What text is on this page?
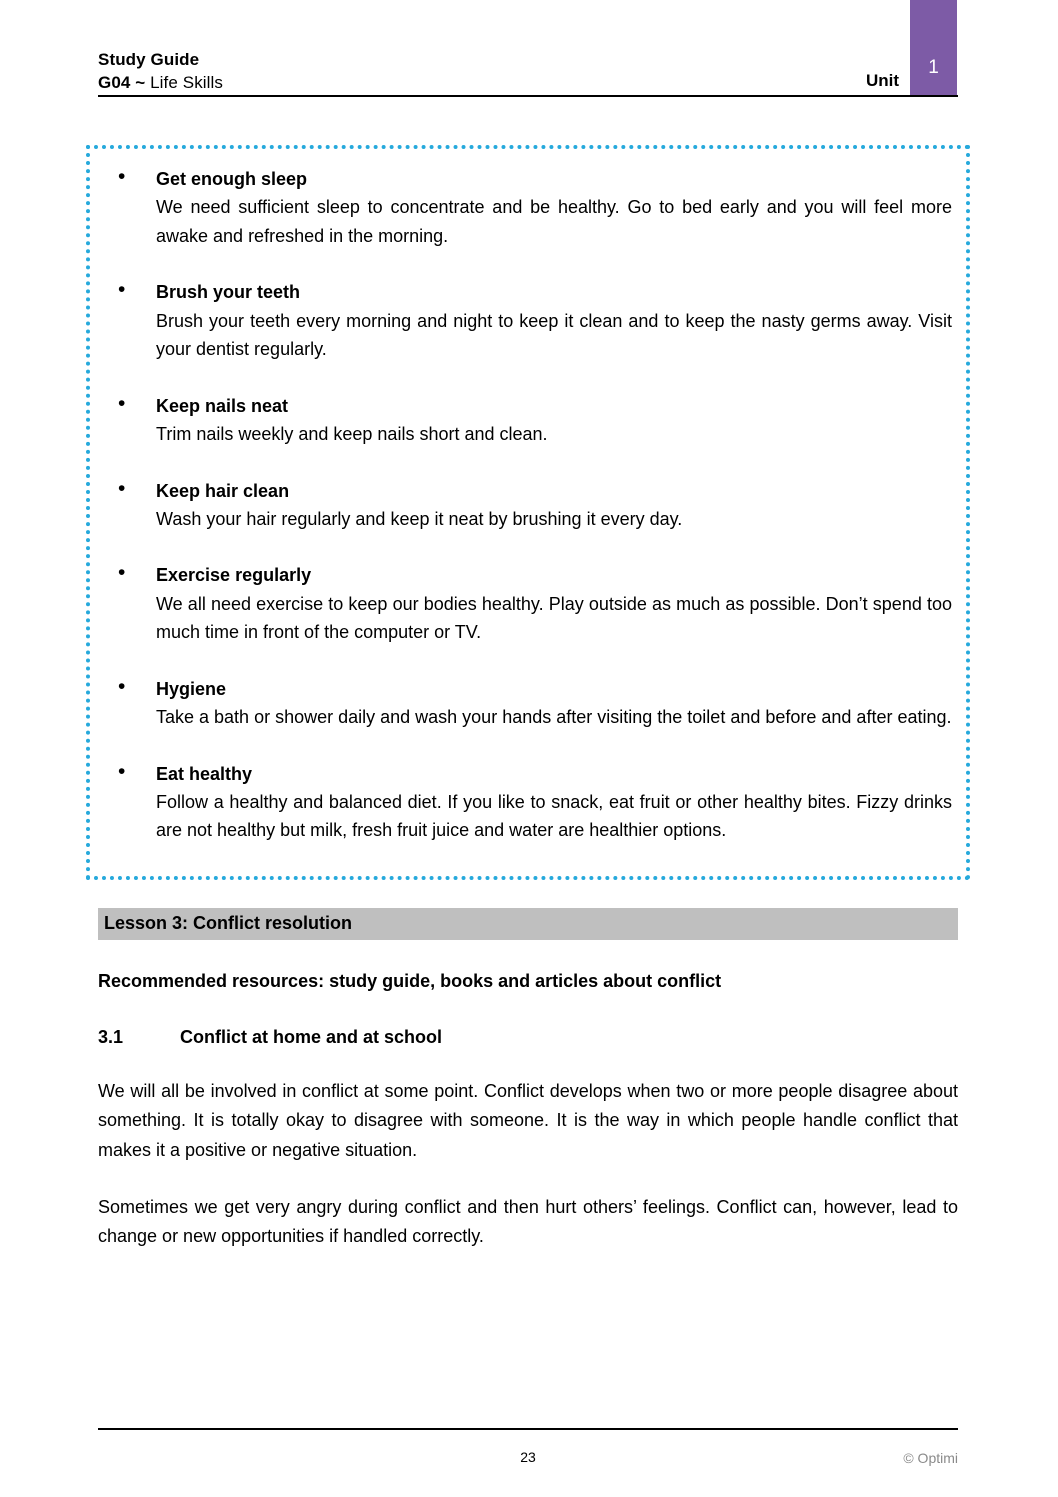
Study Guide
G04 ~ Life Skills	Unit
1

• Get enough sleep

We need sufficient sleep to concentrate and be healthy. Go to bed early and you will feel more awake and refreshed in the morning.

• Brush your teeth

Brush your teeth every morning and night to keep it clean and to keep the nasty germs away. Visit your dentist regularly.

• Keep nails neat

Trim nails weekly and keep nails short and clean.

• Keep hair clean

Wash your hair regularly and keep it neat by brushing it every day.

• Exercise regularly

We all need exercise to keep our bodies healthy. Play outside as much as possible. Don’t spend too much time in front of the computer or TV.

• Hygiene

Take a bath or shower daily and wash your hands after visiting the toilet and before and after eating.

• Eat healthy

Follow a healthy and balanced diet. If you like to snack, eat fruit or other healthy bites. Fizzy drinks are not healthy but milk, fresh fruit juice and water are healthier options.

Lesson 3: Conflict resolution
Recommended resources: study guide, books and articles about conflict
3.1	Conflict at home and at school

We will all be involved in conflict at some point. Conflict develops when two or more people disagree about something. It is totally okay to disagree with someone. It is the way in which people handle conflict that makes it a positive or negative situation.

Sometimes we get very angry during conflict and then hurt others’ feelings. Conflict can, however, lead to change or new opportunities if handled correctly.

23	© Optimi
